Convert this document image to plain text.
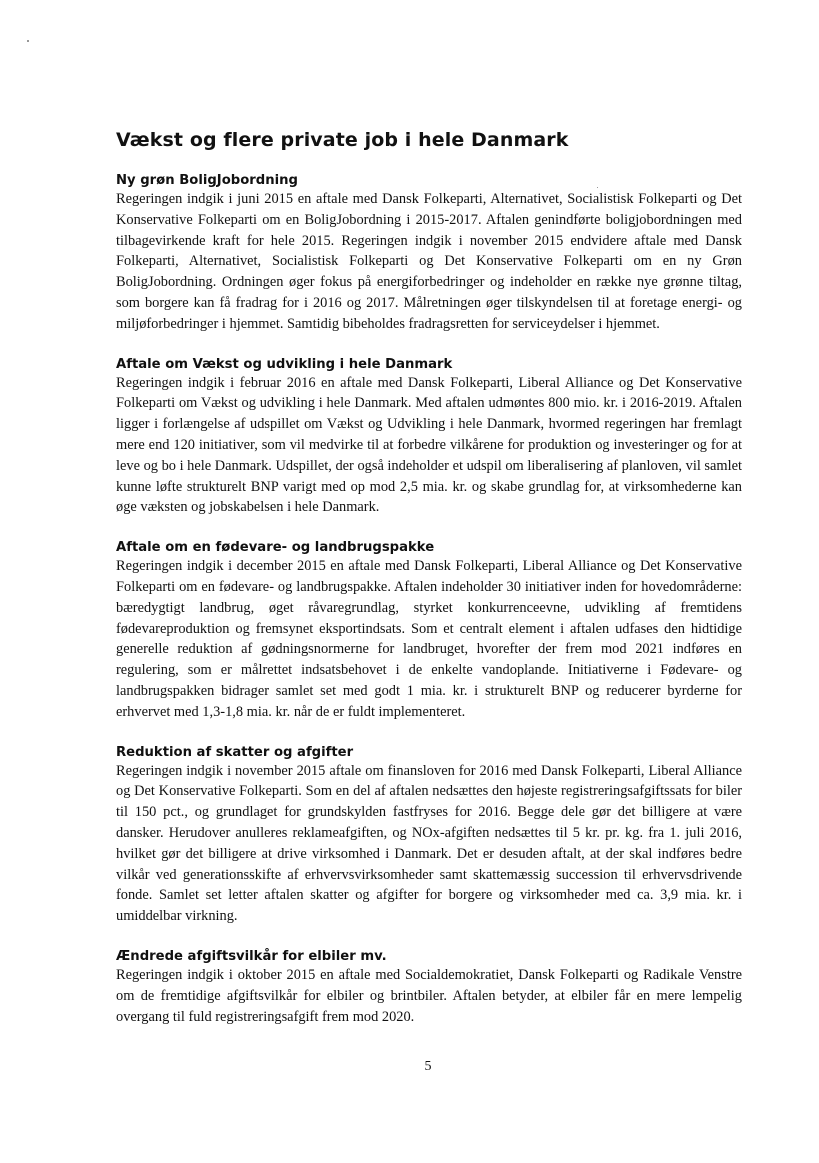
Vækst og flere private job i hele Danmark
Ny grøn BoligJobordning

Regeringen indgik i juni 2015 en aftale med Dansk Folkeparti, Alternativet, Socialistisk Folkeparti og Det Konservative Folkeparti om en BoligJobordning i 2015-2017. Aftalen genindførte boligjobordningen med tilbagevirkende kraft for hele 2015. Regeringen indgik i november 2015 endvidere aftale med Dansk Folkeparti, Alternativet, Socialistisk Folkeparti og Det Konservative Folkeparti om en ny Grøn BoligJobordning. Ordningen øger fokus på energiforbedringer og indeholder en række nye grønne tiltag, som borgere kan få fradrag for i 2016 og 2017. Målretningen øger tilskyndelsen til at foretage energi- og miljøforbedringer i hjemmet. Samtidig bibeholdes fradragsretten for serviceydelser i hjemmet.

Aftale om Vækst og udvikling i hele Danmark

Regeringen indgik i februar 2016 en aftale med Dansk Folkeparti, Liberal Alliance og Det Konservative Folkeparti om Vækst og udvikling i hele Danmark. Med aftalen udmøntes 800 mio. kr. i 2016-2019. Aftalen ligger i forlængelse af udspillet om Vækst og Udvikling i hele Danmark, hvormed regeringen har fremlagt mere end 120 initiativer, som vil medvirke til at forbedre vilkårene for produktion og investeringer og for at leve og bo i hele Danmark. Udspillet, der også indeholder et udspil om liberalisering af planloven, vil samlet kunne løfte strukturelt BNP varigt med op mod 2,5 mia. kr. og skabe grundlag for, at virksomhederne kan øge væksten og jobskabelsen i hele Danmark.

Aftale om en fødevare- og landbrugspakke

Regeringen indgik i december 2015 en aftale med Dansk Folkeparti, Liberal Alliance og Det Konservative Folkeparti om en fødevare- og landbrugspakke. Aftalen indeholder 30 initiativer inden for hovedområderne: bæredygtigt landbrug, øget råvaregrundlag, styrket konkurrenceevne, udvikling af fremtidens fødevareproduktion og fremsynet eksportindsats. Som et centralt element i aftalen udfases den hidtidige generelle reduktion af gødningsnormerne for landbruget, hvorefter der frem mod 2021 indføres en regulering, som er målrettet indsatsbehovet i de enkelte vandoplande. Initiativerne i Fødevare- og landbrugspakken bidrager samlet set med godt 1 mia. kr. i strukturelt BNP og reducerer byrderne for erhvervet med 1,3-1,8 mia. kr. når de er fuldt implementeret.

Reduktion af skatter og afgifter

Regeringen indgik i november 2015 aftale om finansloven for 2016 med Dansk Folkeparti, Liberal Alliance og Det Konservative Folkeparti. Som en del af aftalen nedsættes den højeste registreringsafgiftssats for biler til 150 pct., og grundlaget for grundskylden fastfryses for 2016. Begge dele gør det billigere at være dansker. Herudover anulleres reklameafgiften, og NOx-afgiften nedsættes til 5 kr. pr. kg. fra 1. juli 2016, hvilket gør det billigere at drive virksomhed i Danmark. Det er desuden aftalt, at der skal indføres bedre vilkår ved generationsskifte af erhvervsvirksomheder samt skattemæssig succession til erhvervsdrivende fonde. Samlet set letter aftalen skatter og afgifter for borgere og virksomheder med ca. 3,9 mia. kr. i umiddelbar virkning.

Ændrede afgiftsvilkår for elbiler mv.

Regeringen indgik i oktober 2015 en aftale med Socialdemokratiet, Dansk Folkeparti og Radikale Venstre om de fremtidige afgiftsvilkår for elbiler og brintbiler. Aftalen betyder, at elbiler får en mere lempelig overgang til fuld registreringsafgift frem mod 2020.

5
